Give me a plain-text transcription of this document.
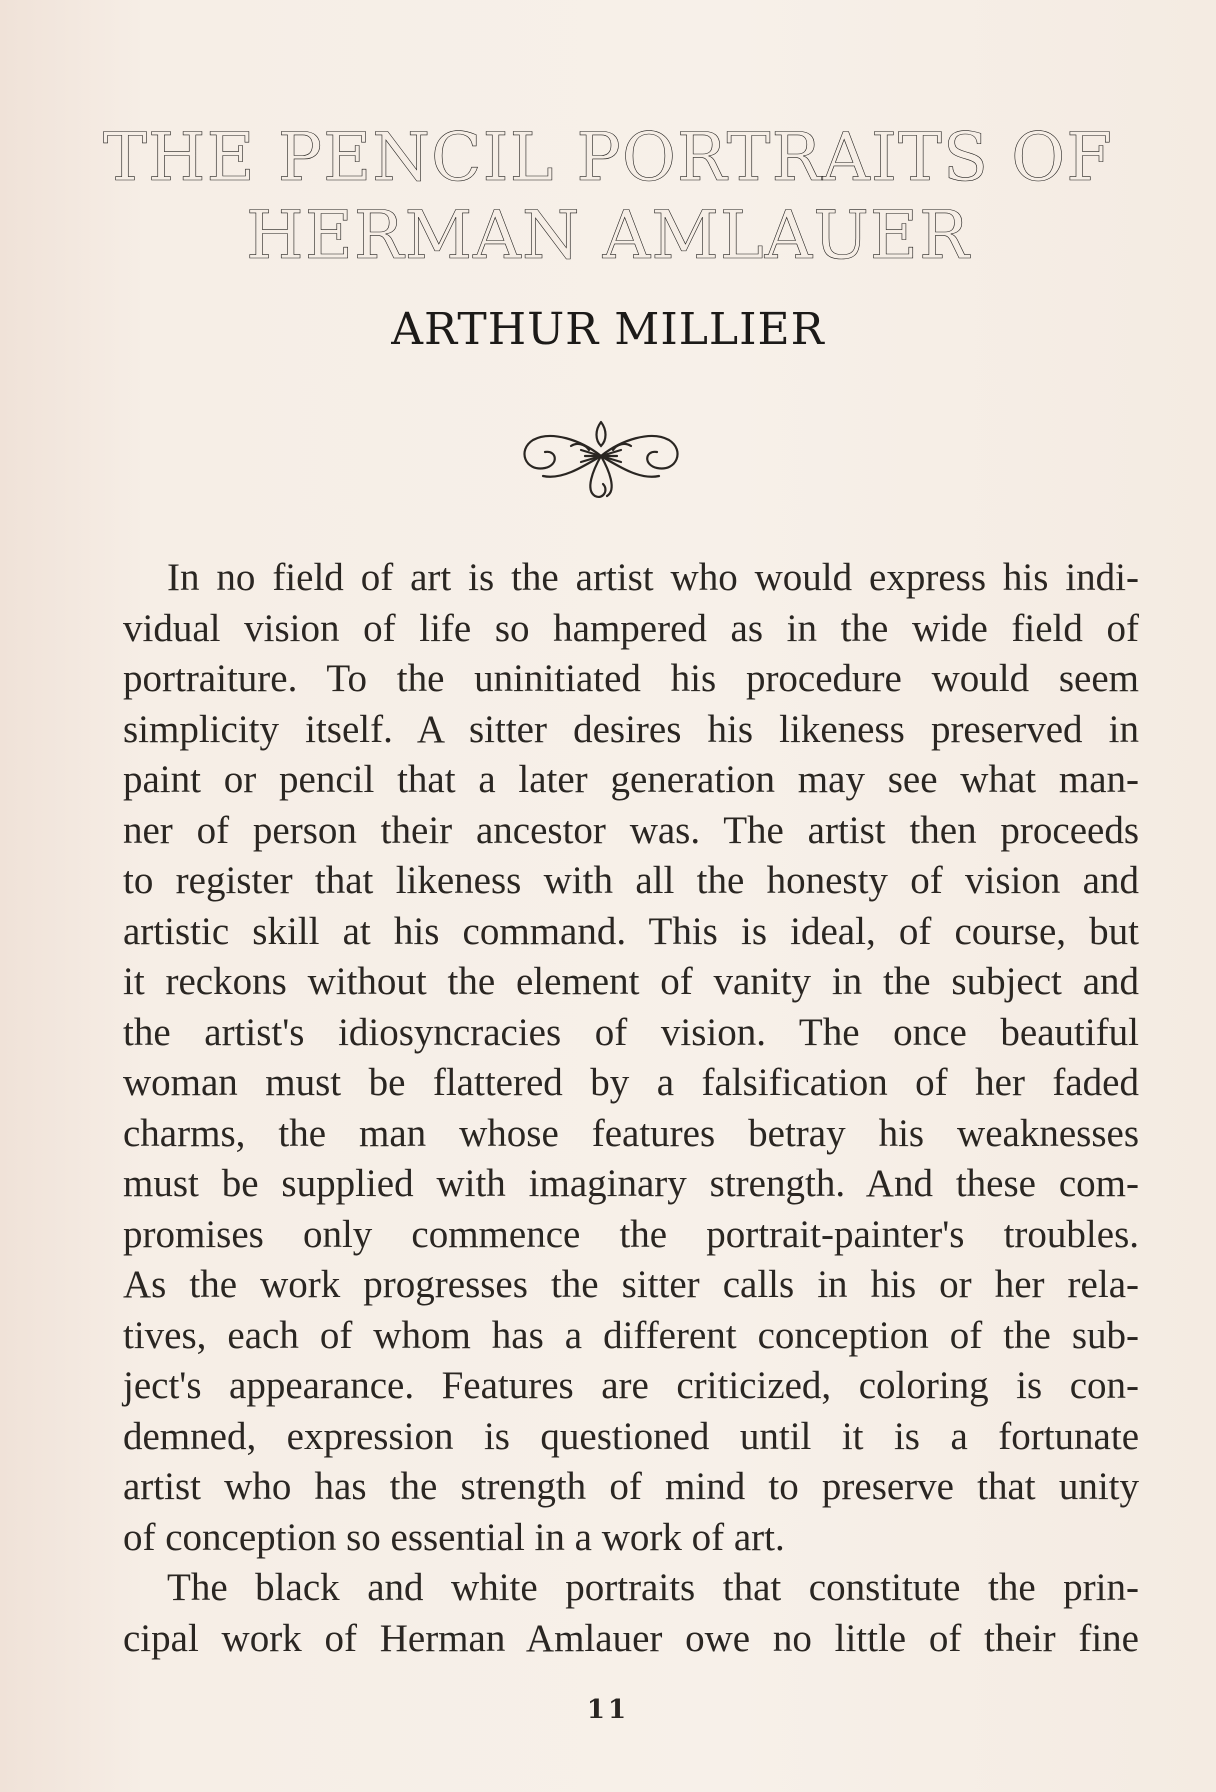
THE PENCIL PORTRAITS OF
HERMAN AMLAUER
ARTHUR MILLIER
In no field of art is the artist who would express his indi-
vidual vision of life so hampered as in the wide field of
portraiture. To the uninitiated his procedure would seem
simplicity itself. A sitter desires his likeness preserved in
paint or pencil that a later generation may see what man-
ner of person their ancestor was. The artist then proceeds
to register that likeness with all the honesty of vision and
artistic skill at his command. This is ideal, of course, but
it reckons without the element of vanity in the subject and
the artist's idiosyncracies of vision. The once beautiful
woman must be flattered by a falsification of her faded
charms, the man whose features betray his weaknesses
must be supplied with imaginary strength. And these com-
promises only commence the portrait-painter's troubles.
As the work progresses the sitter calls in his or her rela-
tives, each of whom has a different conception of the sub-
ject's appearance. Features are criticized, coloring is con-
demned, expression is questioned until it is a fortunate
artist who has the strength of mind to preserve that unity
of conception so essential in a work of art.
The black and white portraits that constitute the prin-
cipal work of Herman Amlauer owe no little of their fine
11
